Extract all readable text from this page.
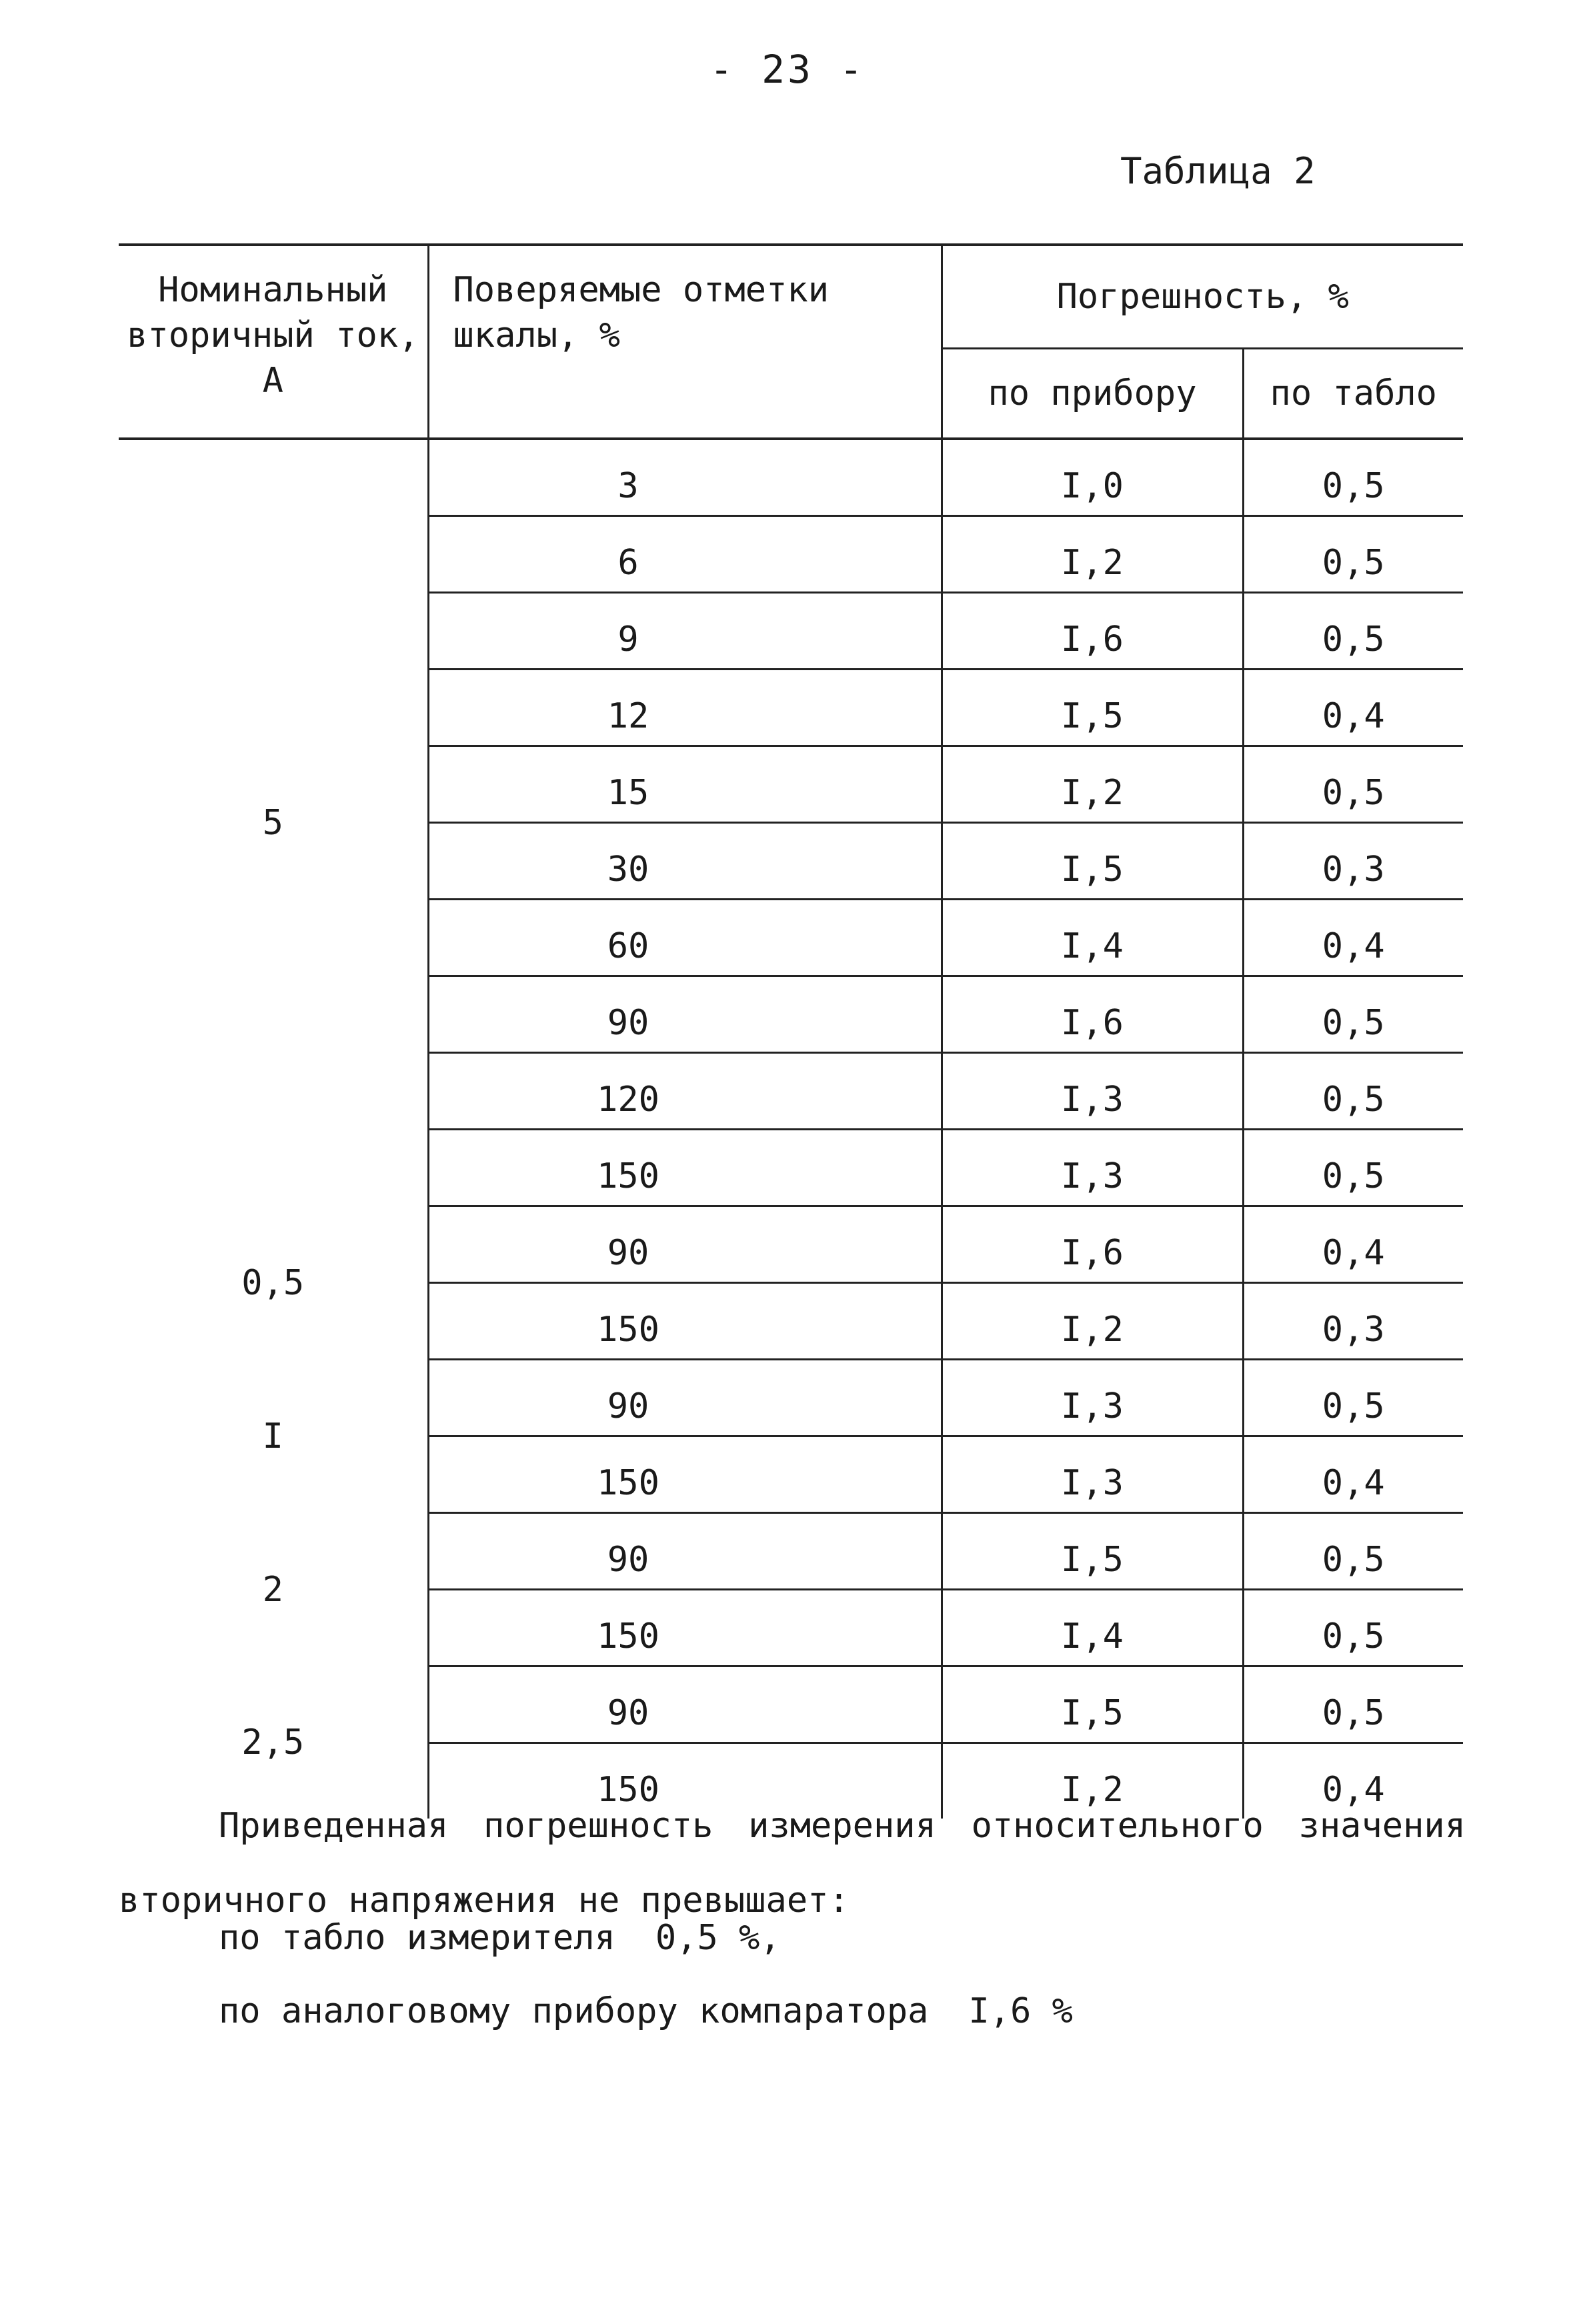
- 23 -
Таблица 2
Номинальный вторичный ток, А	Поверяемые отметки шкалы, %	Погрешность, %	
		по прибору	по табло
5	3	I,0	0,5
	6	I,2	0,5
	9	I,6	0,5
	12	I,5	0,4
	15	I,2	0,5
	30	I,5	0,3
	60	I,4	0,4
	90	I,6	0,5
	120	I,3	0,5
	150	I,3	0,5
0,5	90	I,6	0,4
	150	I,2	0,3
I	90	I,3	0,5
	150	I,3	0,4
2	90	I,5	0,5
	150	I,4	0,5
2,5	90	I,5	0,5
	150	I,2	0,4

Приведенная погрешность измерения относительного значения вторичного напряжения не превышает:

по табло измерителя 0,5 %,
по аналоговому прибору компаратора I,6 %
